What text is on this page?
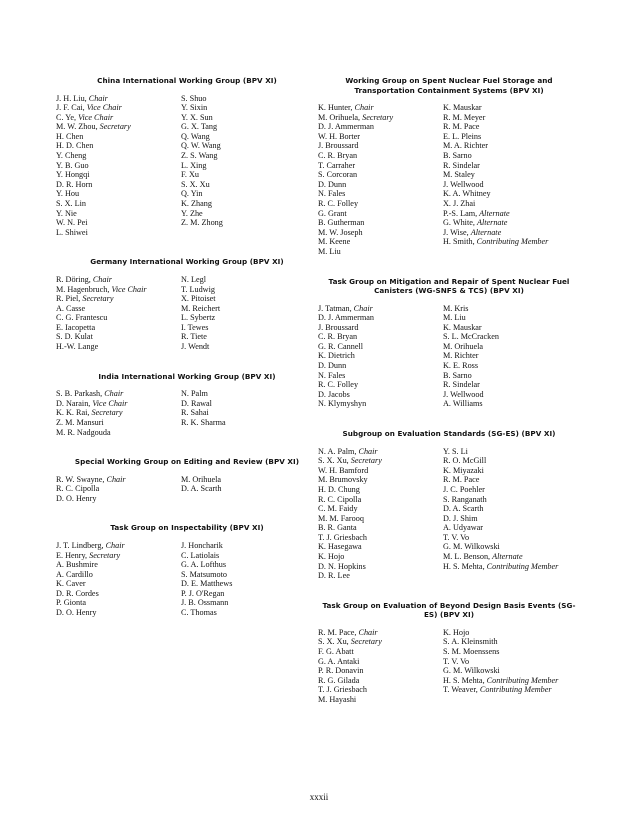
China International Working Group (BPV XI)
J. H. Liu, Chair
J. F. Cai, Vice Chair
C. Ye, Vice Chair
M. W. Zhou, Secretary
H. Chen
H. D. Chen
Y. Cheng
Y. B. Guo
Y. Hongqi
D. R. Horn
Y. Hou
S. X. Lin
Y. Nie
W. N. Pei
L. Shiwei
S. Shuo
Y. Sixin
Y. X. Sun
G. X. Tang
Q. Wang
Q. W. Wang
Z. S. Wang
L. Xing
F. Xu
S. X. Xu
Q. Yin
K. Zhang
Y. Zhe
Z. M. Zhong
Germany International Working Group (BPV XI)
R. Döring, Chair
M. Hagenbruch, Vice Chair
R. Piel, Secretary
A. Casse
C. G. Frantescu
E. Iacopetta
S. D. Kulat
H.-W. Lange
N. Legl
T. Ludwig
X. Pitoiset
M. Reichert
L. Sybertz
I. Tewes
R. Tiete
J. Wendt
India International Working Group (BPV XI)
S. B. Parkash, Chair
D. Narain, Vice Chair
K. K. Rai, Secretary
Z. M. Mansuri
M. R. Nadgouda
N. Palm
D. Rawal
R. Sahai
R. K. Sharma
Special Working Group on Editing and Review (BPV XI)
R. W. Swayne, Chair
R. C. Cipolla
D. O. Henry
M. Orihuela
D. A. Scarth
Task Group on Inspectability (BPV XI)
J. T. Lindberg, Chair
E. Henry, Secretary
A. Bushmire
A. Cardillo
K. Caver
D. R. Cordes
P. Gionta
D. O. Henry
J. Honcharik
C. Latiolais
G. A. Lofthus
S. Matsumoto
D. E. Matthews
P. J. O'Regan
J. B. Ossmann
C. Thomas
Working Group on Spent Nuclear Fuel Storage and Transportation Containment Systems (BPV XI)
K. Hunter, Chair
M. Orihuela, Secretary
D. J. Ammerman
W. H. Borter
J. Broussard
C. R. Bryan
T. Carraher
S. Corcoran
D. Dunn
N. Fales
R. C. Folley
G. Grant
B. Gutherman
M. W. Joseph
M. Keene
M. Liu
K. Mauskar
R. M. Meyer
R. M. Pace
E. L. Pleins
M. A. Richter
B. Sarno
R. Sindelar
M. Staley
J. Wellwood
K. A. Whitney
X. J. Zhai
P.-S. Lam, Alternate
G. White, Alternate
J. Wise, Alternate
H. Smith, Contributing Member
Task Group on Mitigation and Repair of Spent Nuclear Fuel Canisters (WG-SNFS & TCS) (BPV XI)
J. Tatman, Chair
D. J. Ammerman
J. Broussard
C. R. Bryan
G. R. Cannell
K. Dietrich
D. Dunn
N. Fales
R. C. Folley
D. Jacobs
N. Klymyshyn
M. Kris
M. Liu
K. Mauskar
S. L. McCracken
M. Orihuela
M. Richter
K. E. Ross
B. Sarno
R. Sindelar
J. Wellwood
A. Williams
Subgroup on Evaluation Standards (SG-ES) (BPV XI)
N. A. Palm, Chair
S. X. Xu, Secretary
W. H. Bamford
M. Brumovsky
H. D. Chung
R. C. Cipolla
C. M. Faidy
M. M. Farooq
B. R. Ganta
T. J. Griesbach
K. Hasegawa
K. Hojo
D. N. Hopkins
D. R. Lee
Y. S. Li
R. O. McGill
K. Miyazaki
R. M. Pace
J. C. Poehler
S. Ranganath
D. A. Scarth
D. J. Shim
A. Udyawar
T. V. Vo
G. M. Wilkowski
M. L. Benson, Alternate
H. S. Mehta, Contributing Member
Task Group on Evaluation of Beyond Design Basis Events (SG-ES) (BPV XI)
R. M. Pace, Chair
S. X. Xu, Secretary
F. G. Abatt
G. A. Antaki
P. R. Donavin
R. G. Gilada
T. J. Griesbach
M. Hayashi
K. Hojo
S. A. Kleinsmith
S. M. Moenssens
T. V. Vo
G. M. Wilkowski
H. S. Mehta, Contributing Member
T. Weaver, Contributing Member
xxxii
